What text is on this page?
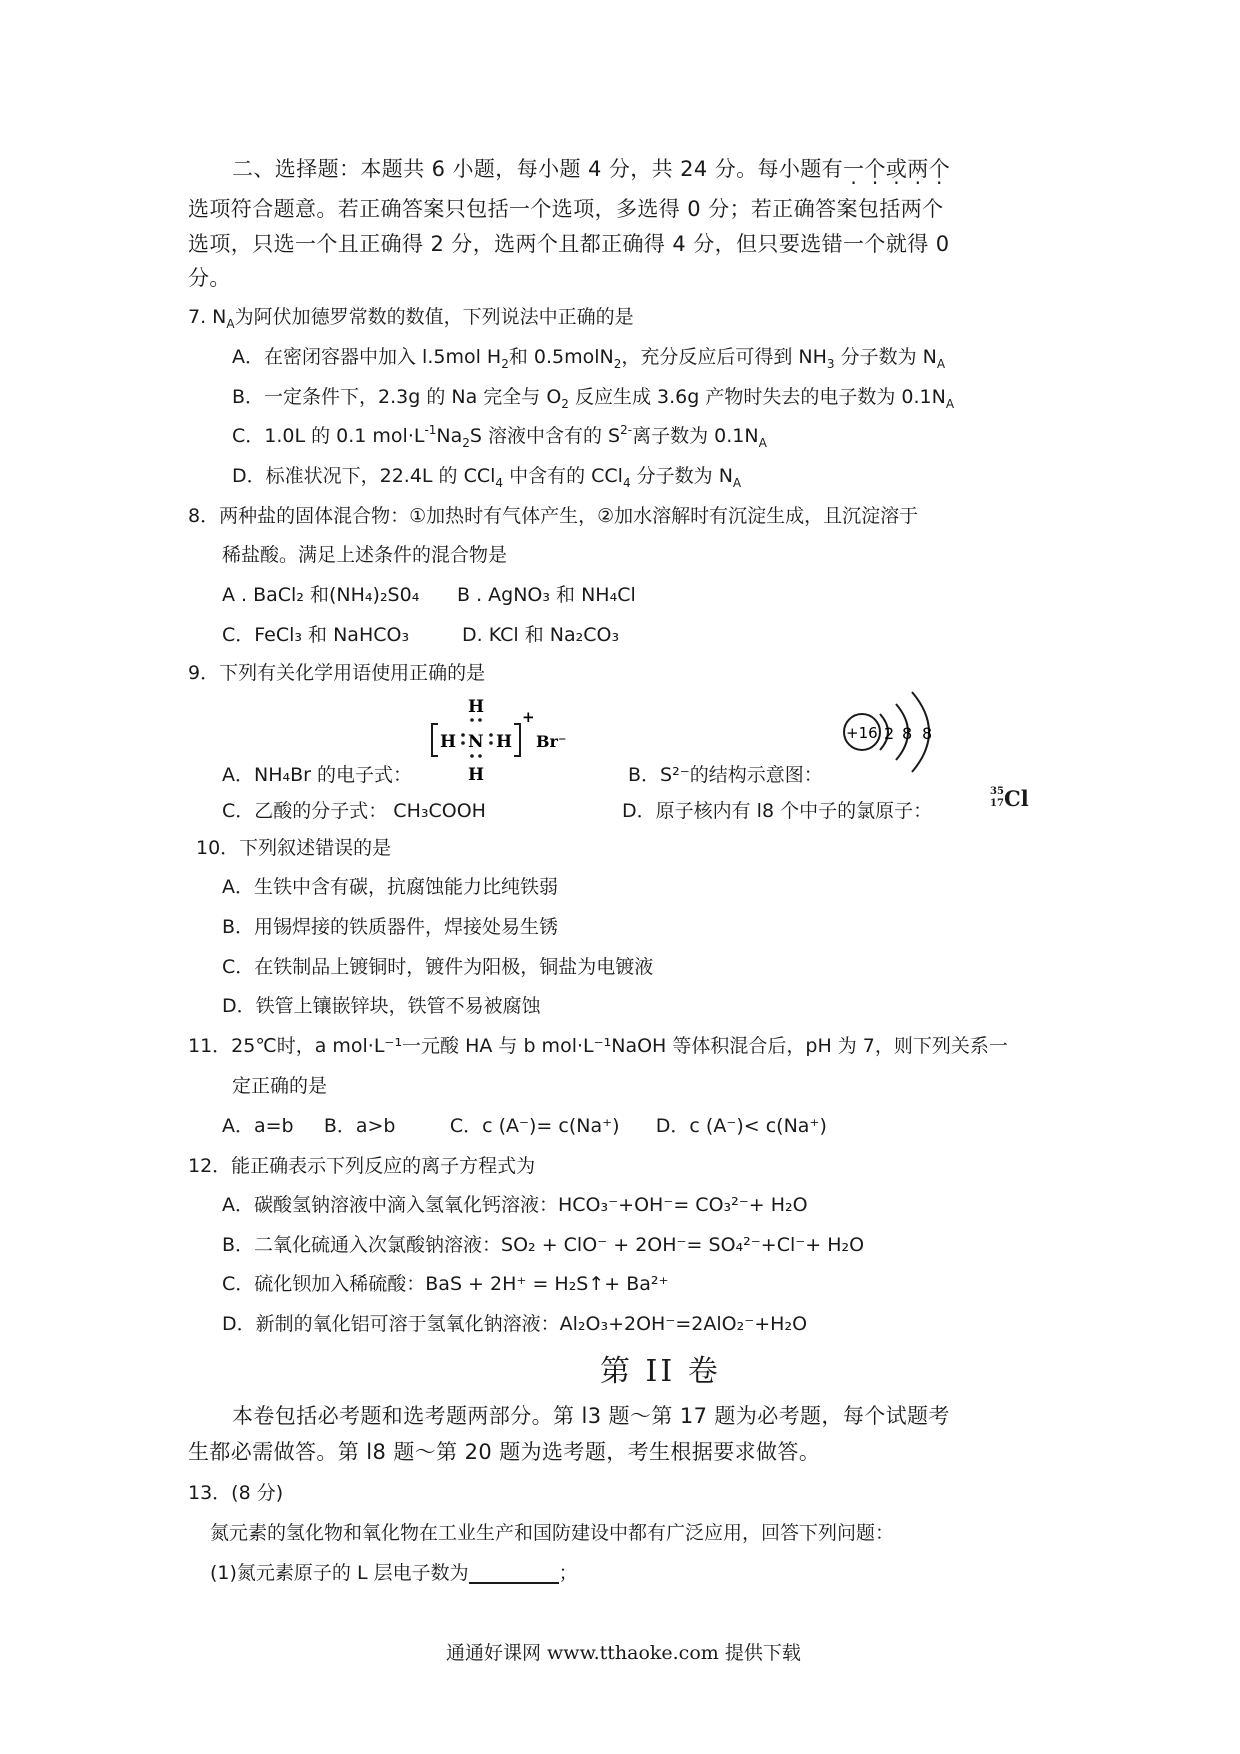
二、选择题：本题共 6 小题，每小题 4 分，共 24 分。每小题有一个或两个
选项符合题意。若正确答案只包括一个选项，多选得 0 分；若正确答案包括两个
选项，只选一个且正确得 2 分，选两个且都正确得 4 分，但只要选错一个就得 0
分。
7. $N_A$为阿伏加德罗常数的数值，下列说法中正确的是
A．在密闭容器中加入 l.5mol $H_2$和 0.5molN$_2$，充分反应后可得到 $NH_3$ 分子数为 $N_A$
B．一定条件下，2.3g 的 Na 完全与 $O_2$ 反应生成 3.6g 产物时失去的电子数为 $0.1N_A$
C．1.0L 的 0.1 $mol\cdot L^{-1}Na_2S$ 溶液中含有的 $S^{2-}$离子数为 $0.1N_A$
D．标准状况下，22.4L 的 CCl$_4$ 中含有的 CCl$_4$ 分子数为 $N_A$
8．两种盐的固体混合物：①加热时有气体产生，②加水溶解时有沉淀生成，且沉淀溶于
稀盐酸。满足上述条件的混合物是
A . BaCl₂ 和(NH₄)₂S0₄ B . AgNO₃ 和 NH₄Cl
C．FeCl₃ 和 NaHCO₃	D. KCl 和 Na₂CO₃
9．下列有关化学用语使用正确的是
A．NH₄Br 的电子式：	B．S²⁻的结构示意图：
C．乙酸的分子式： CH₃COOH	D．原子核内有 l8 个中子的氯原子：
H
H N H
H
+
Br⁻	+16 2 8 8
35
17 Cl
10．下列叙述错误的是
A．生铁中含有碳，抗腐蚀能力比纯铁弱
B．用锡焊接的铁质器件，焊接处易生锈
C．在铁制品上镀铜时，镀件为阳极，铜盐为电镀液
D．铁管上镶嵌锌块，铁管不易被腐蚀
11．25℃时，a mol·L⁻¹一元酸 HA 与 b mol·L⁻¹NaOH 等体积混合后，pH 为 7，则下列关系一
定正确的是
A．a=b     B．a>b         C．c (A⁻)= c(Na⁺)      D．c (A⁻)< c(Na⁺)
12．能正确表示下列反应的离子方程式为
A．碳酸氢钠溶液中滴入氢氧化钙溶液：HCO₃⁻+OH⁻= CO₃²⁻+ H₂O
B．二氧化硫通入次氯酸钠溶液：SO₂ + ClO⁻ + 2OH⁻= SO₄²⁻+Cl⁻+ H₂O
C．硫化钡加入稀硫酸：BaS + 2H⁺ = H₂S↑+ Ba²⁺
D．新制的氧化铝可溶于氢氧化钠溶液：Al₂O₃+2OH⁻=2AlO₂⁻+H₂O
第 II 卷
本卷包括必考题和选考题两部分。第 l3 题～第 17 题为必考题，每个试题考
生都必需做答。第 l8 题～第 20 题为选考题，考生根据要求做答。
13．(8 分)
氮元素的氢化物和氧化物在工业生产和国防建设中都有广泛应用，回答下列问题：
(1)氮元素原子的 L 层电子数为	；
通通好课网 www.tthaoke.com 提供下载
